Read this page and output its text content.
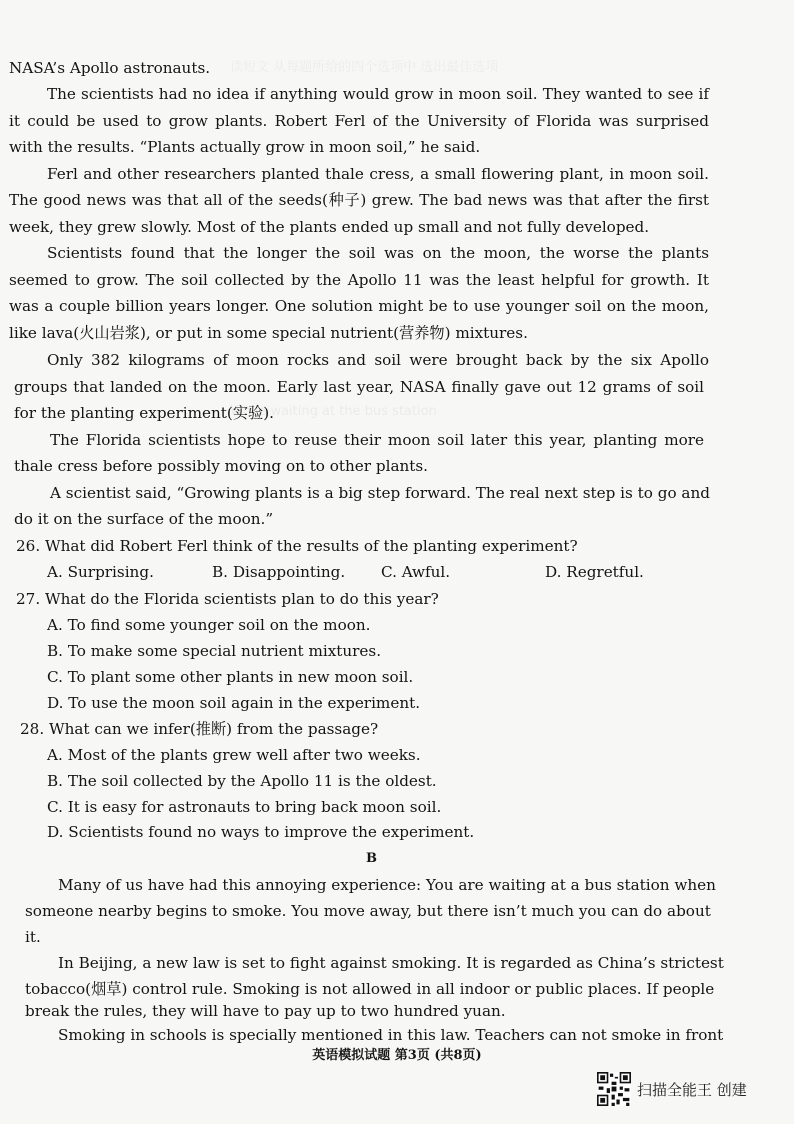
读短文 从每题所给的四个选项中 选出最佳选项
While waiting at the bus station
NASA’s Apollo astronauts.
The scientists had no idea if anything would grow in moon soil. They wanted to see if
it could be used to grow plants. Robert Ferl of the University of Florida was surprised
with the results. “Plants actually grow in moon soil,” he said.
Ferl and other researchers planted thale cress, a small flowering plant, in moon soil.
The good news was that all of the seeds(种子) grew. The bad news was that after the first
week, they grew slowly. Most of the plants ended up small and not fully developed.
Scientists found that the longer the soil was on the moon, the worse the plants
seemed to grow. The soil collected by the Apollo 11 was the least helpful for growth. It
was a couple billion years longer. One solution might be to use younger soil on the moon,
like lava(火山岩浆), or put in some special nutrient(营养物) mixtures.
Only 382 kilograms of moon rocks and soil were brought back by the six Apollo
groups that landed on the moon. Early last year, NASA finally gave out 12 grams of soil
for the planting experiment(实验).
The Florida scientists hope to reuse their moon soil later this year, planting more
thale cress before possibly moving on to other plants.
A scientist said, “Growing plants is a big step forward. The real next step is to go and
do it on the surface of the moon.”
26. What did Robert Ferl think of the results of the planting experiment?
A. Surprising.	B. Disappointing. C. Awful.	D. Regretful.
27. What do the Florida scientists plan to do this year?
A. To find some younger soil on the moon.
B. To make some special nutrient mixtures.
C. To plant some other plants in new moon soil.
D. To use the moon soil again in the experiment.
28. What can we infer(推断) from the passage?
A. Most of the plants grew well after two weeks.
B. The soil collected by the Apollo 11 is the oldest.
C. It is easy for astronauts to bring back moon soil.
D. Scientists found no ways to improve the experiment.
B
Many of us have had this annoying experience: You are waiting at a bus station when
someone nearby begins to smoke. You move away, but there isn’t much you can do about
it.
In Beijing, a new law is set to fight against smoking. It is regarded as China’s strictest
tobacco(烟草) control rule. Smoking is not allowed in all indoor or public places. If people
break the rules, they will have to pay up to two hundred yuan.
Smoking in schools is specially mentioned in this law. Teachers can not smoke in front
英语模拟试题 第3页 (共8页)
扫描全能王 创建
